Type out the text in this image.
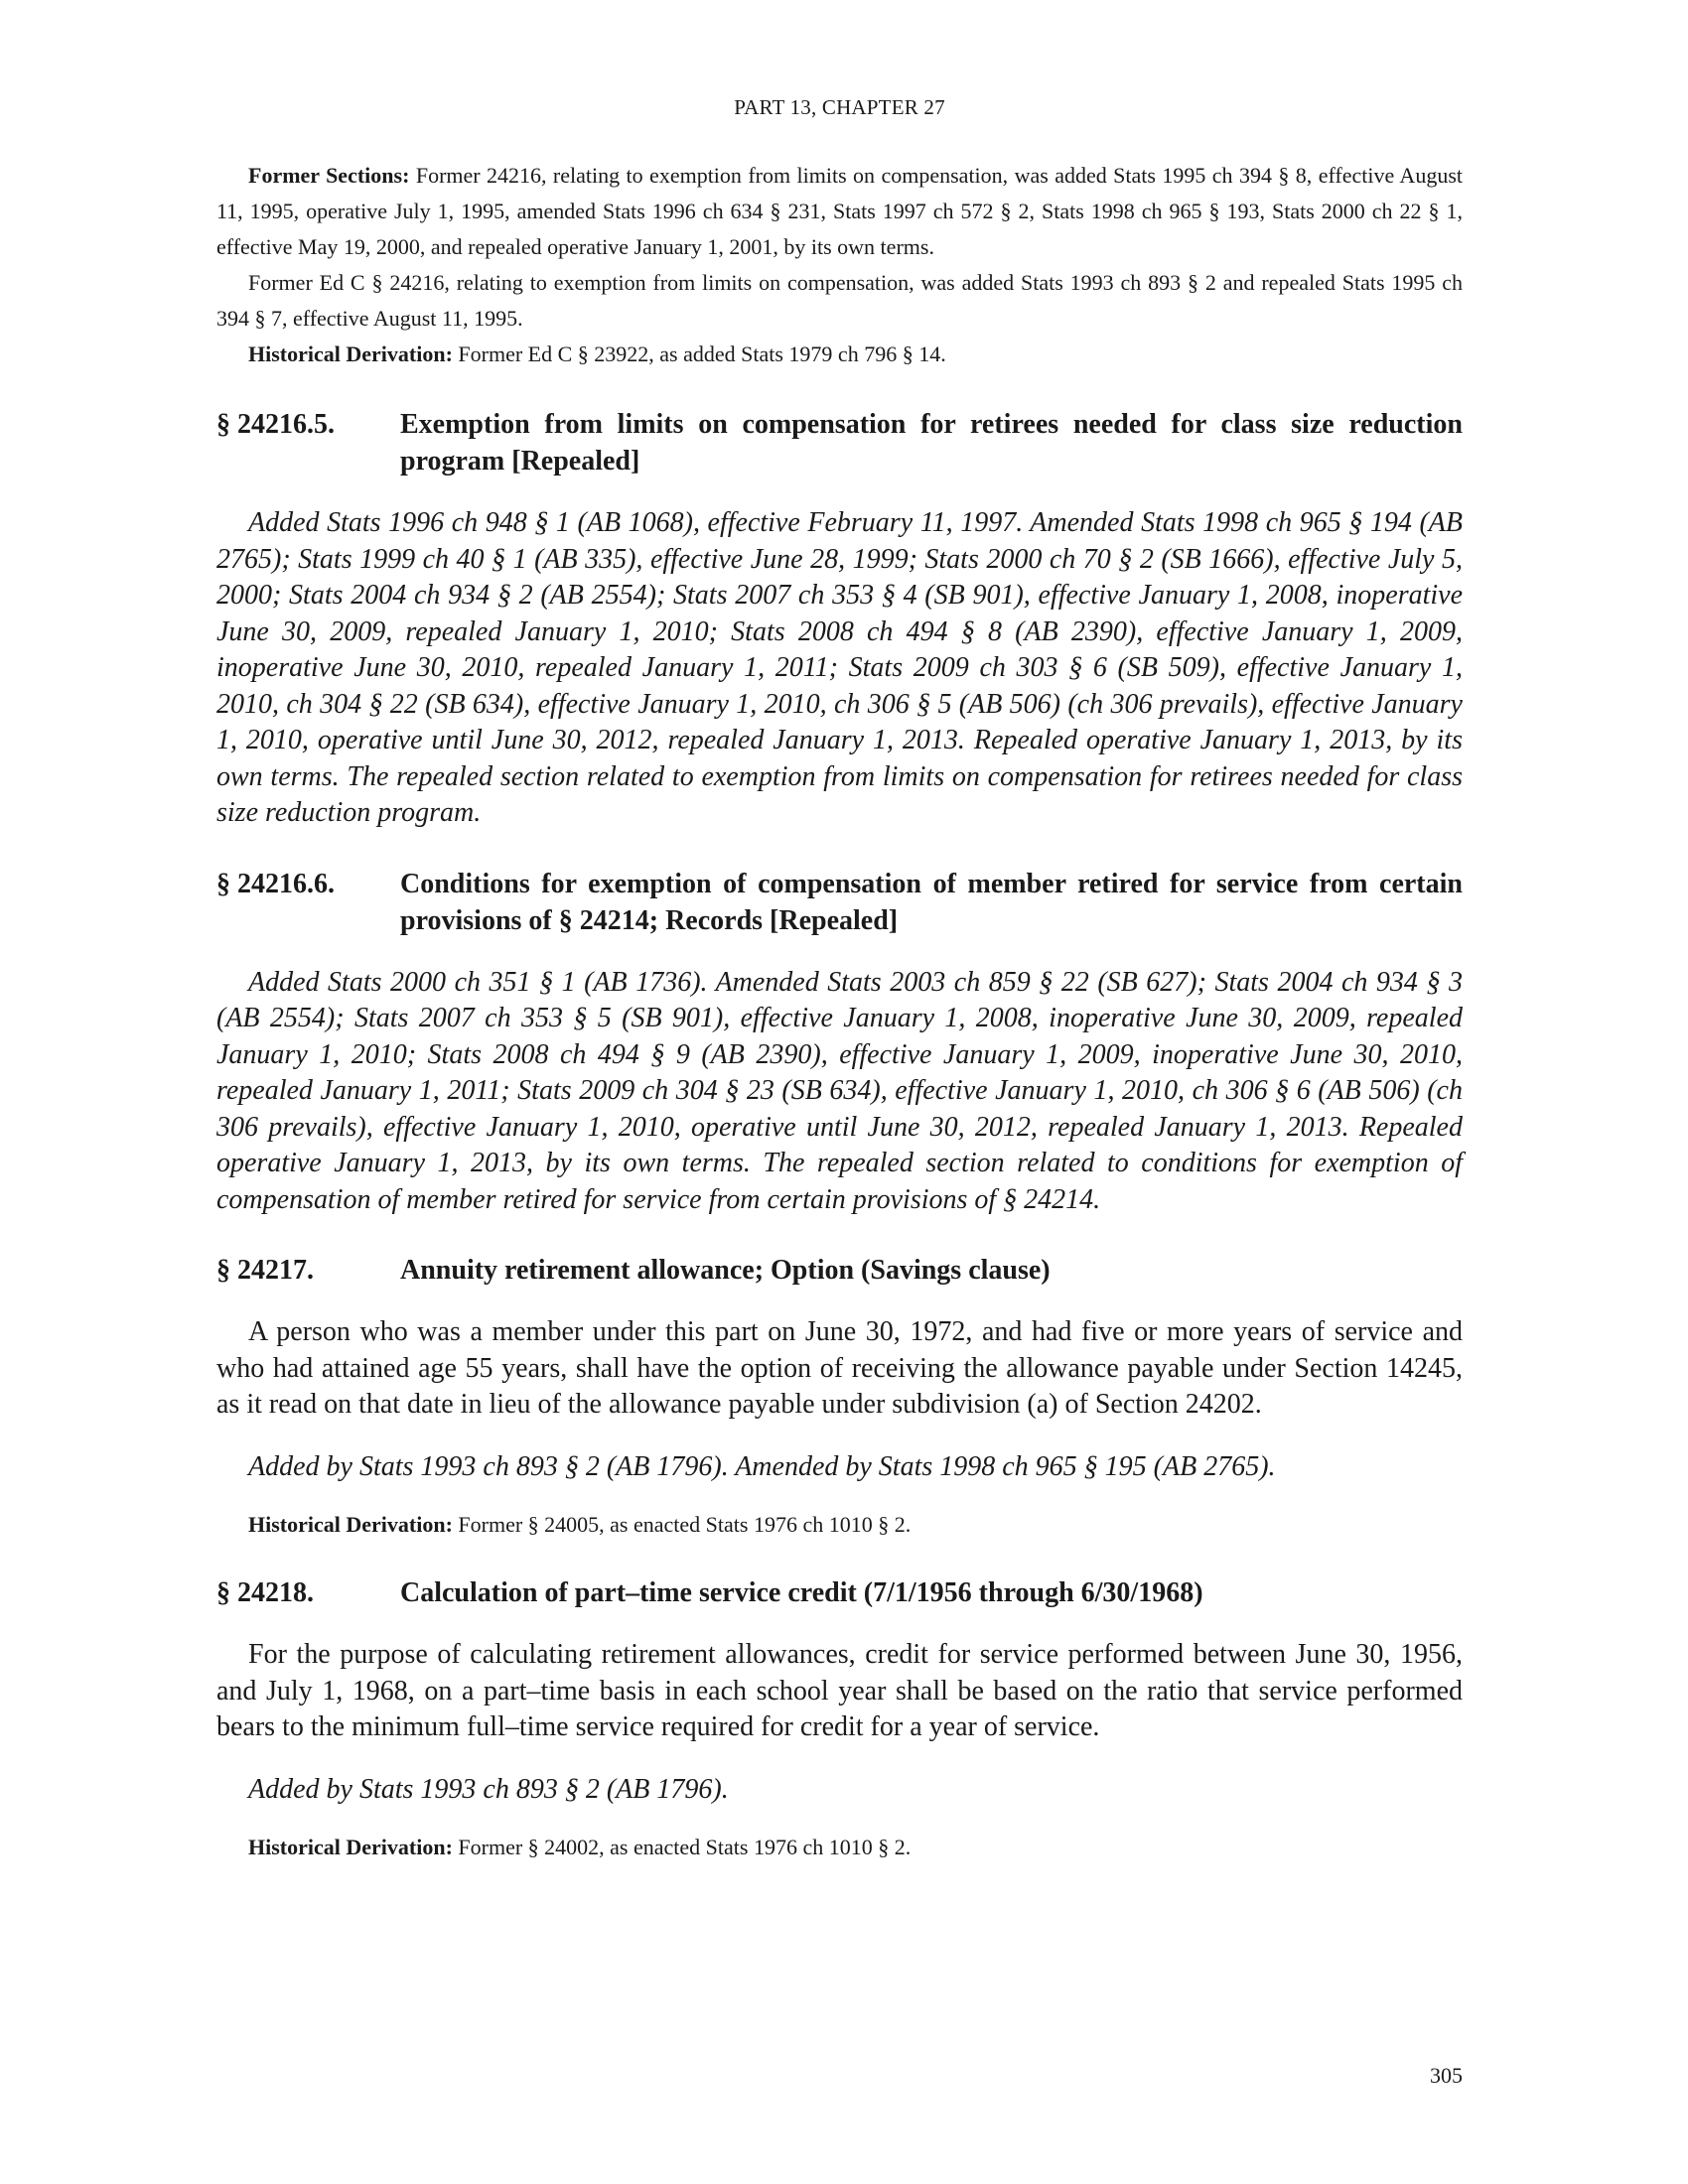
PART 13, CHAPTER 27

Former Sections: Former 24216, relating to exemption from limits on compensation, was added Stats 1995 ch 394 § 8, effective August 11, 1995, operative July 1, 1995, amended Stats 1996 ch 634 § 231, Stats 1997 ch 572 § 2, Stats 1998 ch 965 § 193, Stats 2000 ch 22 § 1, effective May 19, 2000, and repealed operative January 1, 2001, by its own terms.

Former Ed C § 24216, relating to exemption from limits on compensation, was added Stats 1993 ch 893 § 2 and repealed Stats 1995 ch 394 § 7, effective August 11, 1995.

Historical Derivation: Former Ed C § 23922, as added Stats 1979 ch 796 § 14.

§ 24216.5.	Exemption from limits on compensation for retirees needed for class size reduction program [Repealed]

Added Stats 1996 ch 948 § 1 (AB 1068), effective February 11, 1997. Amended Stats 1998 ch 965 § 194 (AB 2765); Stats 1999 ch 40 § 1 (AB 335), effective June 28, 1999; Stats 2000 ch 70 § 2 (SB 1666), effective July 5, 2000; Stats 2004 ch 934 § 2 (AB 2554); Stats 2007 ch 353 § 4 (SB 901), effective January 1, 2008, inoperative June 30, 2009, repealed January 1, 2010; Stats 2008 ch 494 § 8 (AB 2390), effective January 1, 2009, inoperative June 30, 2010, repealed January 1, 2011; Stats 2009 ch 303 § 6 (SB 509), effective January 1, 2010, ch 304 § 22 (SB 634), effective January 1, 2010, ch 306 § 5 (AB 506) (ch 306 prevails), effective January 1, 2010, operative until June 30, 2012, repealed January 1, 2013. Repealed operative January 1, 2013, by its own terms. The repealed section related to exemption from limits on compensation for retirees needed for class size reduction program.

§ 24216.6.	Conditions for exemption of compensation of member retired for service from certain provisions of § 24214; Records [Repealed]

Added Stats 2000 ch 351 § 1 (AB 1736). Amended Stats 2003 ch 859 § 22 (SB 627); Stats 2004 ch 934 § 3 (AB 2554); Stats 2007 ch 353 § 5 (SB 901), effective January 1, 2008, inoperative June 30, 2009, repealed January 1, 2010; Stats 2008 ch 494 § 9 (AB 2390), effective January 1, 2009, inoperative June 30, 2010, repealed January 1, 2011; Stats 2009 ch 304 § 23 (SB 634), effective January 1, 2010, ch 306 § 6 (AB 506) (ch 306 prevails), effective January 1, 2010, operative until June 30, 2012, repealed January 1, 2013. Repealed operative January 1, 2013, by its own terms. The repealed section related to conditions for exemption of compensation of member retired for service from certain provisions of § 24214.

§ 24217.	Annuity retirement allowance; Option (Savings clause)

A person who was a member under this part on June 30, 1972, and had five or more years of service and who had attained age 55 years, shall have the option of receiving the allowance payable under Section 14245, as it read on that date in lieu of the allowance payable under subdivision (a) of Section 24202.

Added by Stats 1993 ch 893 § 2 (AB 1796). Amended by Stats 1998 ch 965 § 195 (AB 2765).

Historical Derivation: Former § 24005, as enacted Stats 1976 ch 1010 § 2.

§ 24218.	Calculation of part–time service credit (7/1/1956 through 6/30/1968)

For the purpose of calculating retirement allowances, credit for service performed between June 30, 1956, and July 1, 1968, on a part–time basis in each school year shall be based on the ratio that service performed bears to the minimum full–time service required for credit for a year of service.

Added by Stats 1993 ch 893 § 2 (AB 1796).

Historical Derivation: Former § 24002, as enacted Stats 1976 ch 1010 § 2.

305
